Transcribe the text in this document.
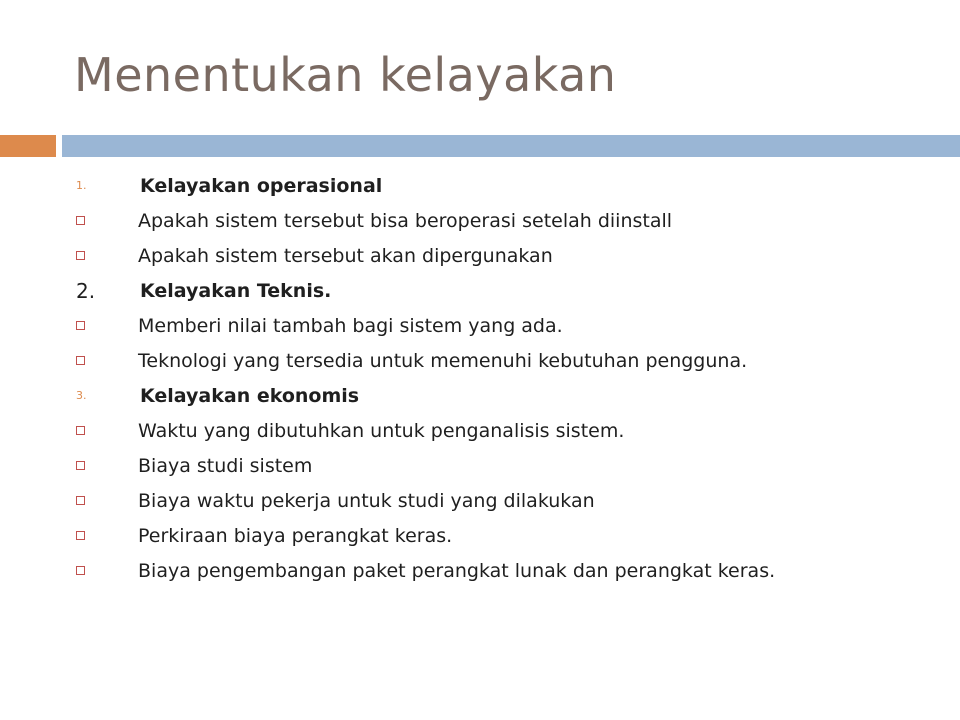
Menentukan kelayakan
1.	Kelayakan operasional
Apakah sistem tersebut bisa beroperasi setelah diinstall
Apakah sistem tersebut akan dipergunakan
2.	Kelayakan Teknis.
Memberi nilai tambah bagi sistem yang ada.
Teknologi yang tersedia untuk memenuhi kebutuhan pengguna.
3.	Kelayakan ekonomis
Waktu yang dibutuhkan untuk penganalisis sistem.
Biaya studi sistem
Biaya waktu pekerja untuk studi yang dilakukan
Perkiraan biaya perangkat keras.
Biaya pengembangan paket perangkat lunak dan perangkat keras.
